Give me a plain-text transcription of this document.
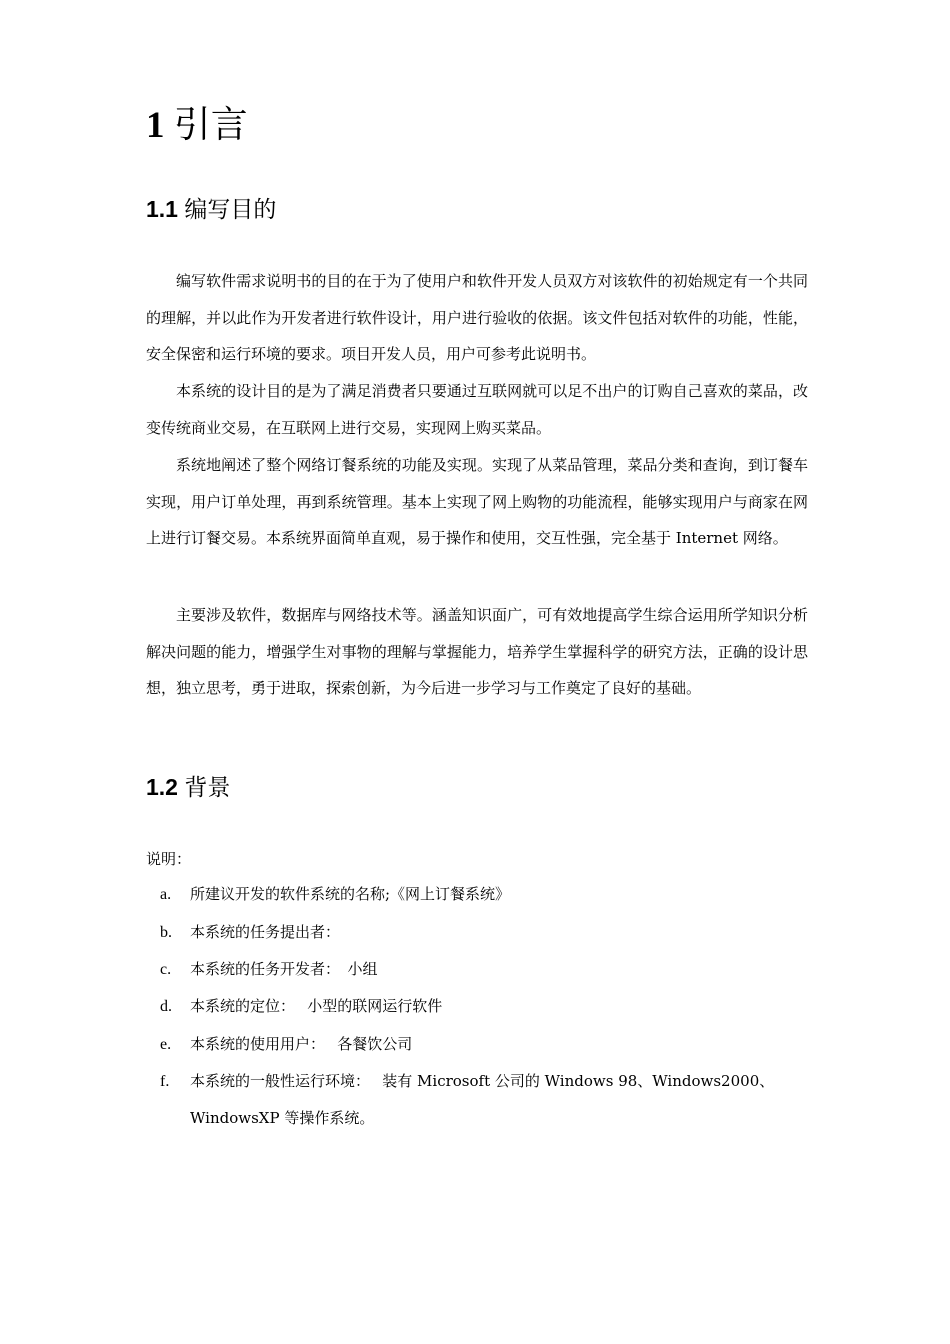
1 引言
1.1 编写目的

编写软件需求说明书的目的在于为了使用户和软件开发人员双方对该软件的初始规定有一个共同的理解，并以此作为开发者进行软件设计，用户进行验收的依据。该文件包括对软件的功能，性能，安全保密和运行环境的要求。项目开发人员，用户可参考此说明书。

本系统的设计目的是为了满足消费者只要通过互联网就可以足不出户的订购自己喜欢的菜品，改变传统商业交易，在互联网上进行交易，实现网上购买菜品。

系统地阐述了整个网络订餐系统的功能及实现。实现了从菜品管理，菜品分类和查询，到订餐车实现，用户订单处理，再到系统管理。基本上实现了网上购物的功能流程，能够实现用户与商家在网上进行订餐交易。本系统界面简单直观，易于操作和使用，交互性强，完全基于 Internet 网络。

主要涉及软件，数据库与网络技术等。涵盖知识面广，可有效地提高学生综合运用所学知识分析解决问题的能力，增强学生对事物的理解与掌握能力，培养学生掌握科学的研究方法，正确的设计思想，独立思考，勇于进取，探索创新，为今后进一步学习与工作奠定了良好的基础。

1.2 背景
说明：
a.	所建议开发的软件系统的名称;《网上订餐系统》
b.	本系统的任务提出者：
c.	本系统的任务开发者：　小组
d.	本系统的定位：　 小型的联网运行软件
e.	本系统的使用用户：　 各餐饮公司
f.	本系统的一般性运行环境：　 装有 Microsoft 公司的 Windows 98、Windows2000、WindowsXP 等操作系统。
